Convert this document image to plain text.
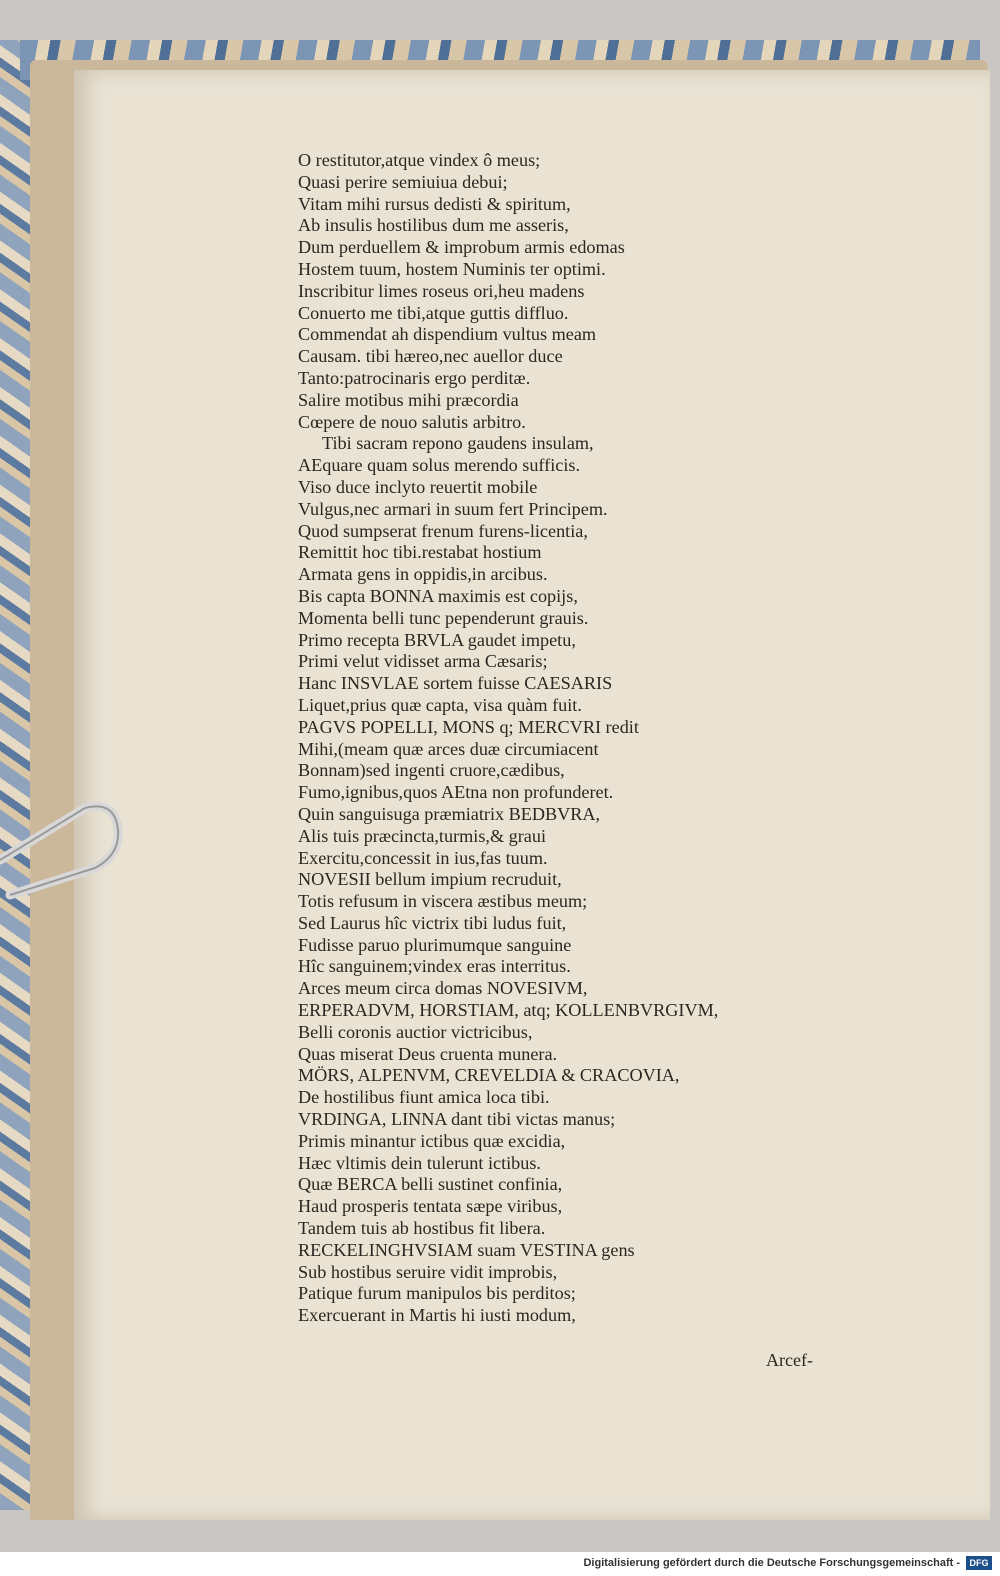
O restitutor,atque vindex ô meus;
Quasi perire semiuiua debui;
Vitam mihi rursus dedisti & spiritum,
Ab insulis hostilibus dum me asseris,
Dum perduellem & improbum armis edomas
Hostem tuum, hostem Numinis ter optimi.
Inscribitur limes roseus ori,heu madens
Conuerto me tibi,atque guttis diffluo.
Commendat ah dispendium vultus meam
Causam. tibi hæreo,nec auellor duce
Tanto:patrocinaris ergo perditæ.
Salire motibus mihi præcordia
Cœpere de nouo salutis arbitro.
Tibi sacram repono gaudens insulam,
AEquare quam solus merendo sufficis.
Viso duce inclyto reuertit mobile
Vulgus,nec armari in suum fert Principem.
Quod sumpserat frenum furens-licentia,
Remittit hoc tibi.restabat hostium
Armata gens in oppidis,in arcibus.
Bis capta BONNA maximis est copijs,
Momenta belli tunc pependerunt grauis.
Primo recepta BRVLA gaudet impetu,
Primi velut vidisset arma Cæsaris;
Hanc INSVLAE sortem fuisse CAESARIS
Liquet,prius quæ capta, visa quàm fuit.
PAGVS POPELLI, MONS q; MERCVRI redit
Mihi,(meam quæ arces duæ circumiacent
Bonnam)sed ingenti cruore,cædibus,
Fumo,ignibus,quos AEtna non profunderet.
Quin sanguisuga præmiatrix BEDBVRA,
Alis tuis præcincta,turmis,& graui
Exercitu,concessit in ius,fas tuum.
NOVESII bellum impium recruduit,
Totis refusum in viscera æstibus meum;
Sed Laurus hîc victrix tibi ludus fuit,
Fudisse paruo plurimumque sanguine
Hîc sanguinem;vindex eras interritus.
Arces meum circa domas NOVESIVM,
ERPERADVM, HORSTIAM, atq; KOLLENBVRGIVM,
Belli coronis auctior victricibus,
Quas miserat Deus cruenta munera.
MÖRS, ALPENVM, CREVELDIA & CRACOVIA,
De hostilibus fiunt amica loca tibi.
VRDINGA, LINNA dant tibi victas manus;
Primis minantur ictibus quæ excidia,
Hæc vltimis dein tulerunt ictibus.
Quæ BERCA belli sustinet confinia,
Haud prosperis tentata sæpe viribus,
Tandem tuis ab hostibus fit libera.
RECKELINGHVSIAM suam VESTINA gens
Sub hostibus seruire vidit improbis,
Patique furum manipulos bis perditos;
Exercuerant in Martis hi iusti modum,
Arcef-
Digitalisierung gefördert durch die Deutsche Forschungsgemeinschaft -	DFG
